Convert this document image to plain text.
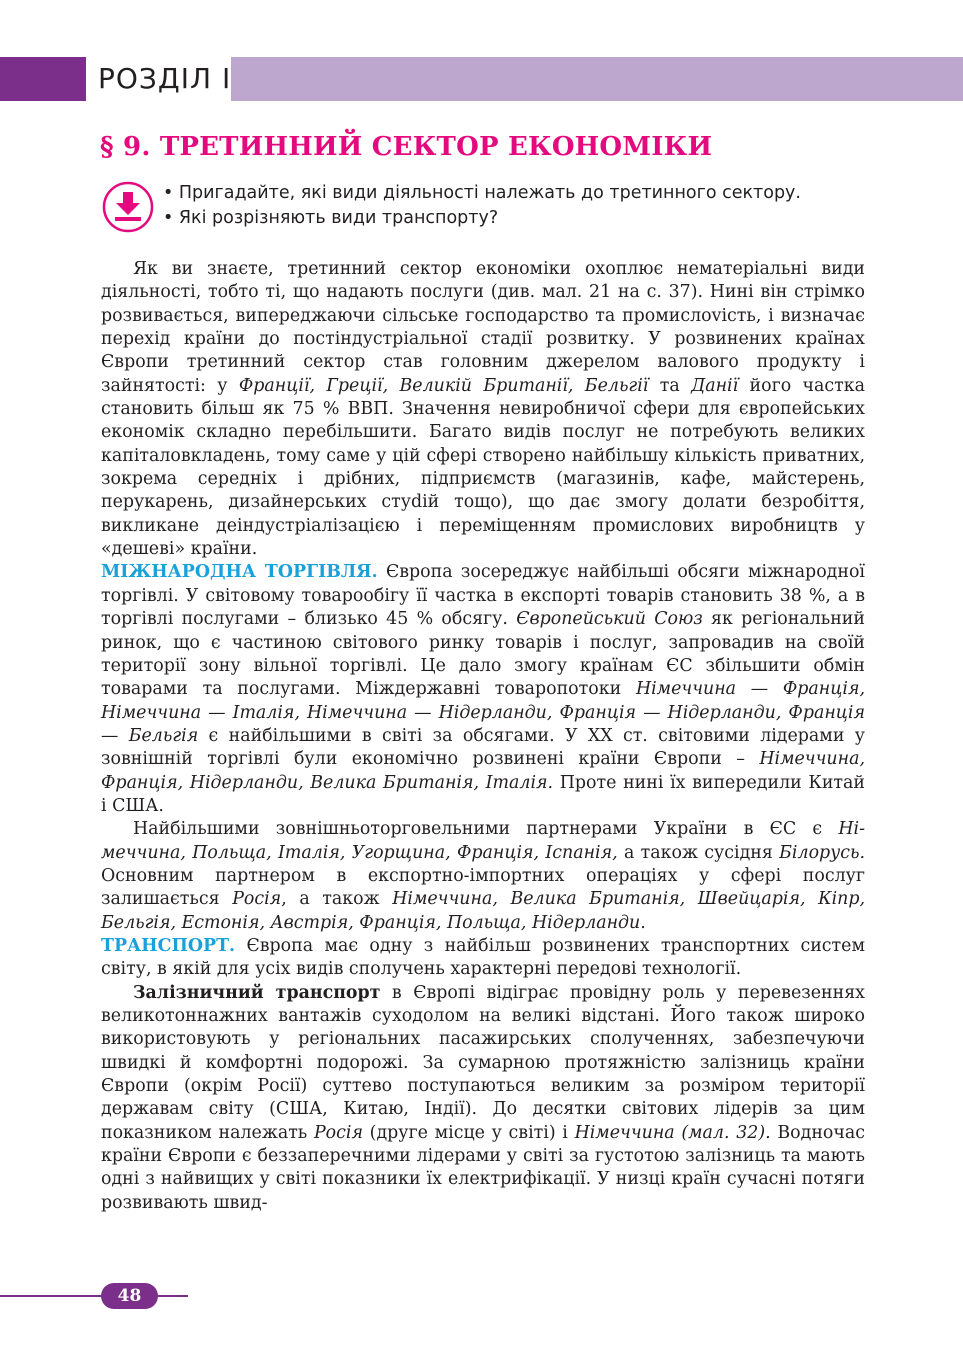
РОЗДІЛ I
§ 9. ТРЕТИННИЙ СЕКТОР ЕКОНОМІКИ
• Пригадайте, які види діяльності належать до третинного сектору.
• Які розрізняють види транспорту?

Як ви знаєте, третинний сектор економіки охоплює нематеріальні види діяльності, тобто ті, що надають послуги (див. мал. 21 на с. 37). Нині він стрімко розвивається, випереджаючи сільське господарство та промислоvість, і визначає перехід країни до постіндустріальної стадії розвитку. У розвинених країнах Європи третинний сектор став головним джерелом валового продукту і зайнятості: у Франції, Греції, Великій Британії, Бельгії та Данії його частка становить більш як 75 % ВВП. Значення невиробничої сфери для європейських економік складно перебільшити. Багато видів послуг не потребують великих капіталовкладень, тому саме у цій сфері створено найбільшу кількість приватних, зокрема середніх і дрібних, підприємств (магазинів, кафе, майстерень, перукарень, дизайнерських стуdій тощо), що дає змогу долати безробіття, викликане деіндустріалізацією і переміщенням промислових виробництв у «дешеві» країни.

МІЖНАРОДНА ТОРГІВЛЯ. Європа зосереджує найбільші обсяги міжнародної торгівлі. У світовому товарообігу її частка в експорті товарів становить 38 %, а в торгівлі послугами – близько 45 % обсягу. Європейський Союз як регіональний ринок, що є частиною світового ринку товарів і послуг, запровадив на своїй території зону вільної торгівлі. Це дало змогу країнам ЄС збільшити обмін товарами та послугами. Міждержавні товаропотоки Німеччина — Франція, Німеччина — Італія, Німеччина — Нідерланди, Франція — Нідерланди, Франція — Бельгія є найбільшими в світі за обсягами. У XX ст. світовими лідерами у зовнішній торгівлі були економічно розвинені країни Європи – Німеччина, Франція, Нідерланди, Велика Британія, Італія. Проте нині їх випередили Китай і США.

Найбільшими зовнішньоторговельними партнерами України в ЄС є Німеччина, Польща, Італія, Угорщина, Франція, Іспанія, а також сусідня Білорусь. Основним партнером в експортно-імпортних операціях у сфері послуг залишається Росія, а також Німеччина, Велика Британія, Швейцарія, Кіпр, Бельгія, Естонія, Австрія, Франція, Польща, Нідерланди.

ТРАНСПОРТ. Європа має одну з найбільш розвинених транспортних систем світу, в якій для усіх видів сполучень характерні передові технології.

Залізничний транспорт в Європі відіграє провідну роль у перевезеннях великотоннажних вантажів суходолом на великі відстані. Його також широко використовують у регіональних пасажирських сполученнях, забезпечуючи швидкі й комфортні подорожі. За сумарною протяжністю залізниць країни Європи (окрім Росії) суттево поступаються великим за розміром території державам світу (США, Китаю, Індії). До десятки світових лідерів за цим показником належать Росія (друге місце у світі) і Німеччина (мал. 32). Водночас країни Європи є беззаперечними лідерами у світі за густотою залізниць та мають одні з найвищих у світі показники їх електрифікації. У низці країн сучасні потяги розвивають швид-

48
